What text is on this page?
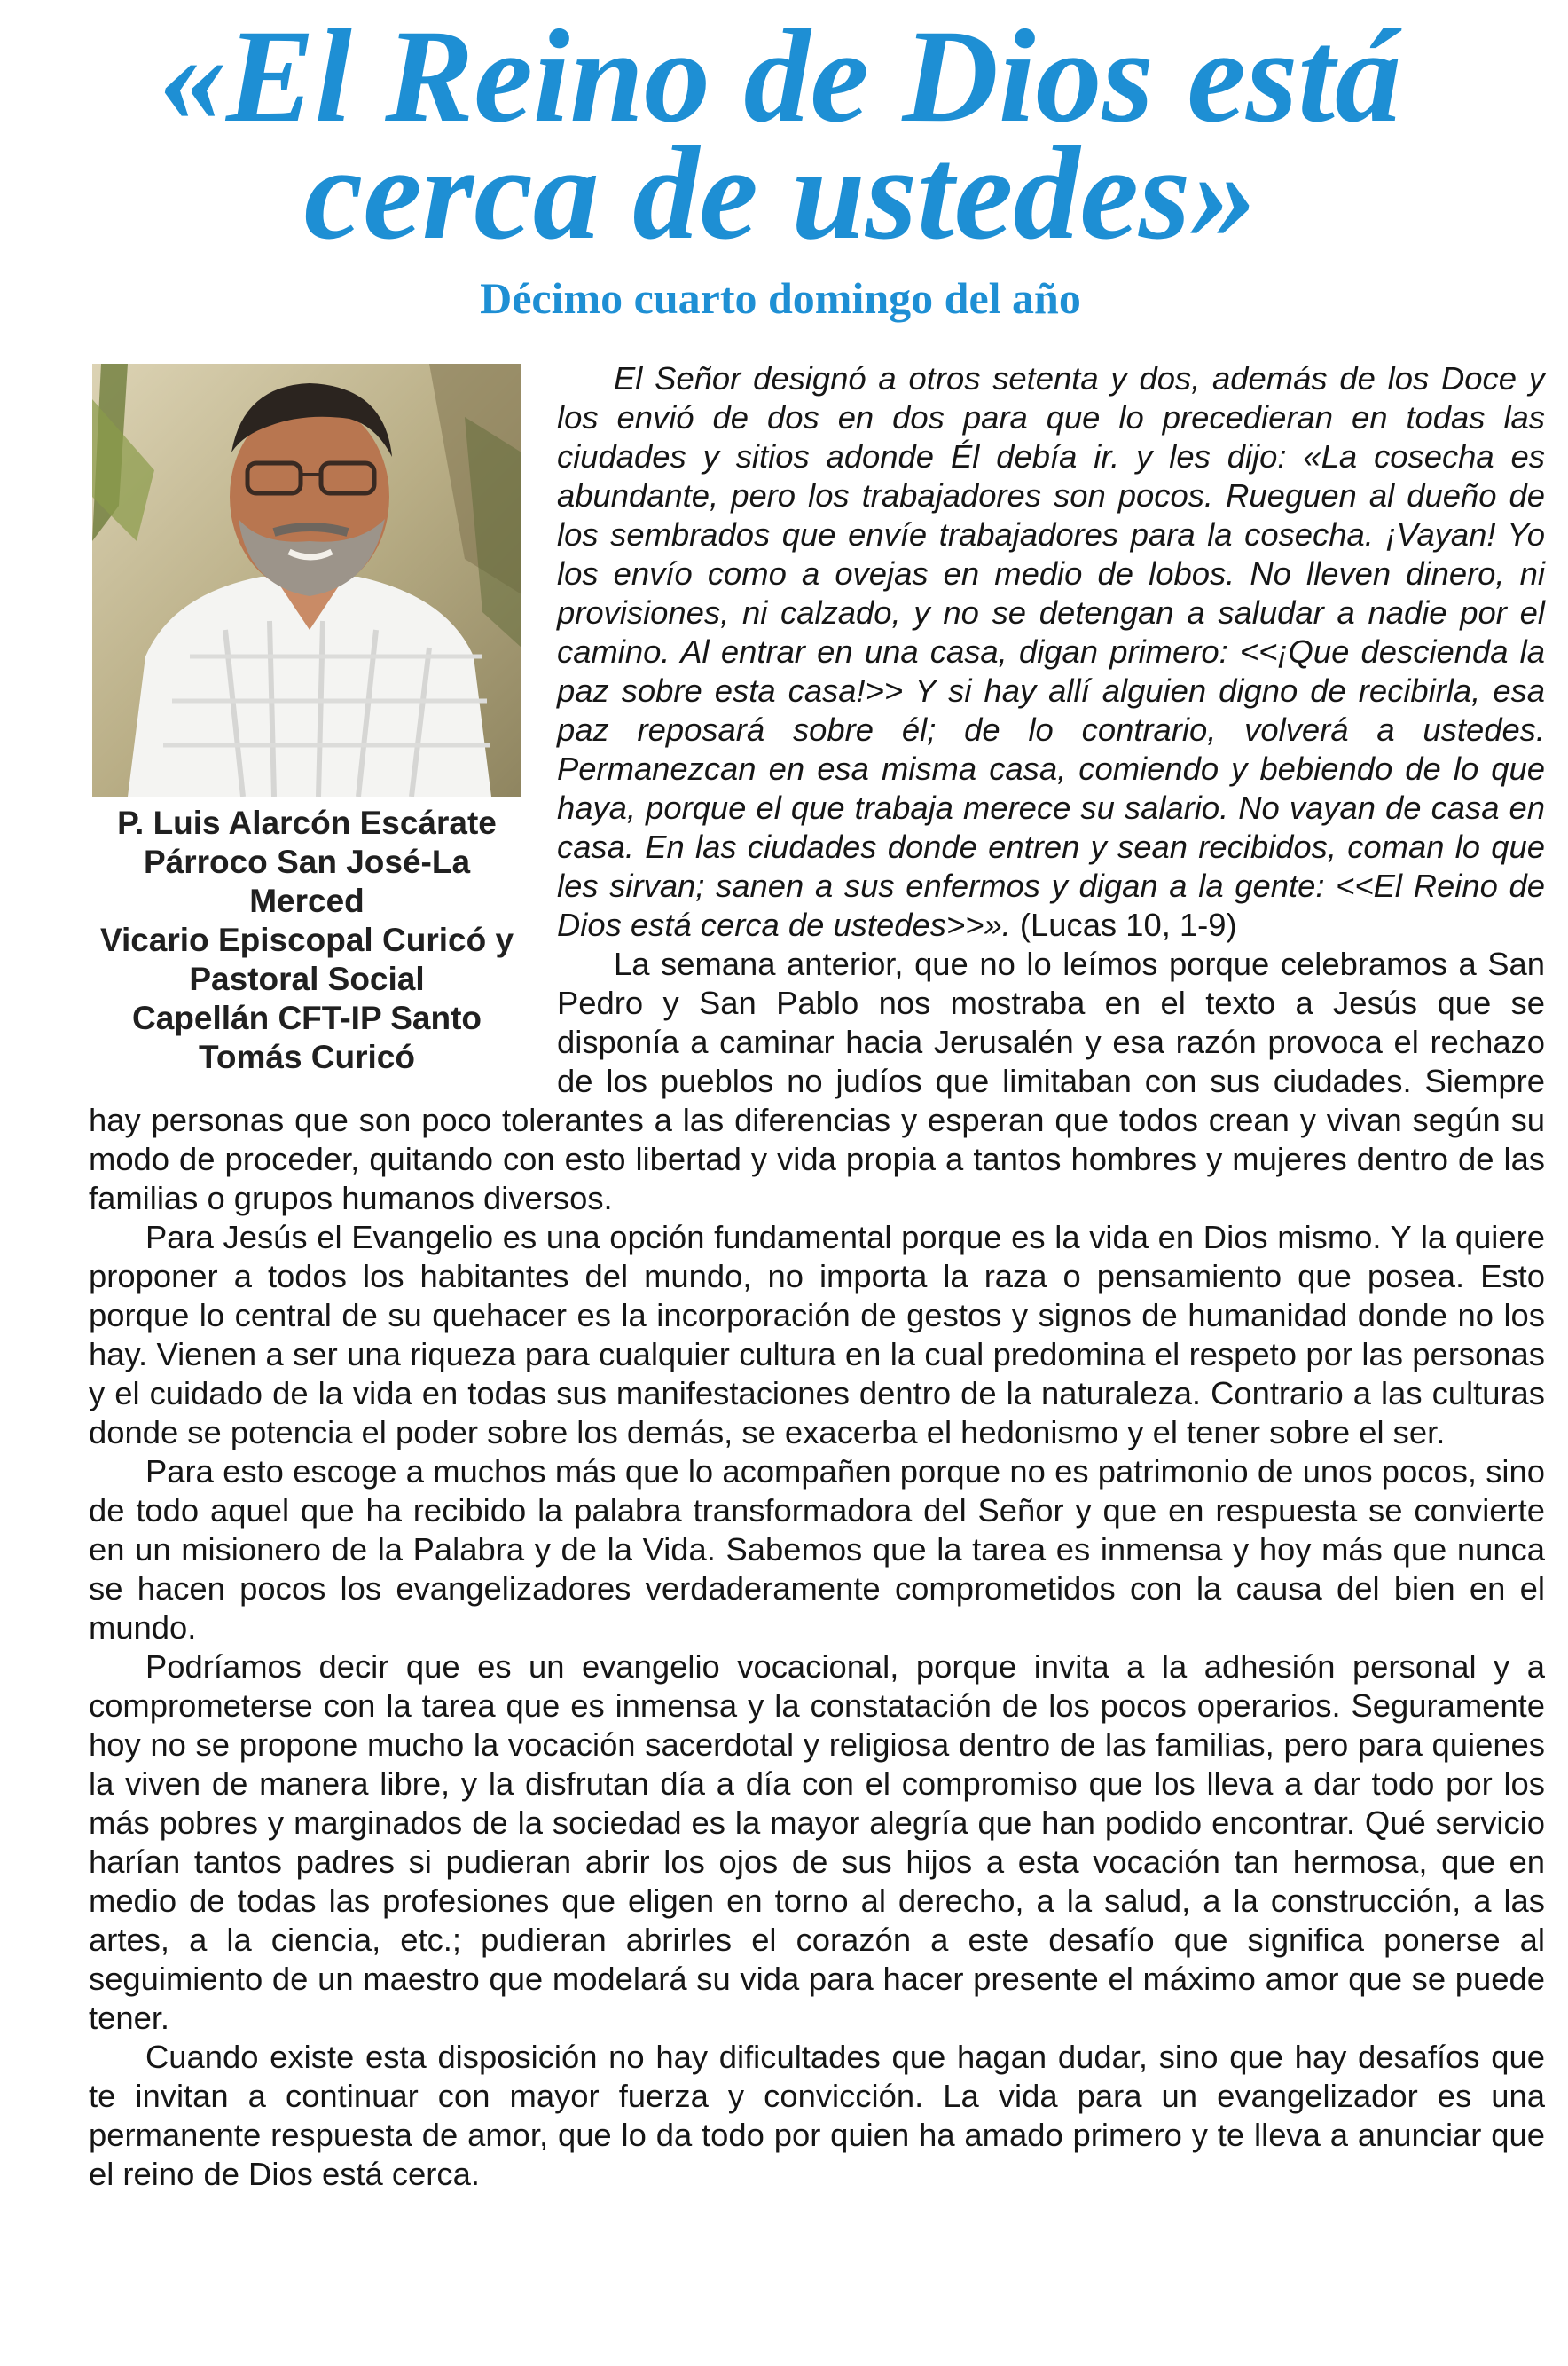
«El Reino de Dios está
cerca de ustedes»
Décimo cuarto domingo del año
P. Luis Alarcón Escárate
Párroco San José-La Merced
Vicario Episcopal Curicó y Pastoral Social
Capellán CFT-IP Santo Tomás Curicó

El Señor designó a otros setenta y dos, además de los Doce y los envió de dos en dos para que lo precedieran en todas las ciudades y sitios adonde Él debía ir. y les dijo: «La cosecha es abundante, pero los trabajadores son pocos. Rueguen al dueño de los sembrados que envíe trabajadores para la cosecha. ¡Vayan! Yo los envío como a ovejas en medio de lobos. No lleven dinero, ni provisiones, ni calzado, y no se detengan a saludar a nadie por el camino. Al entrar en una casa, digan primero: <<¡Que descienda la paz sobre esta casa!>> Y si hay allí alguien digno de recibirla, esa paz reposará sobre él; de lo contrario, volverá a ustedes. Permanezcan en esa misma casa, comiendo y bebiendo de lo que haya, porque el que trabaja merece su salario. No vayan de casa en casa. En las ciudades donde entren y sean recibidos, coman lo que les sirvan; sanen a sus enfermos y digan a la gente: <<El Reino de Dios está cerca de ustedes>>». (Lucas 10, 1-9)

La semana anterior, que no lo leímos porque celebramos a San Pedro y San Pablo nos mostraba en el texto a Jesús que se disponía a caminar hacia Jerusalén y esa razón provoca el rechazo de los pueblos no judíos que limitaban con sus ciudades. Siempre hay personas que son poco tolerantes a las diferencias y esperan que todos crean y vivan según su modo de proceder, quitando con esto libertad y vida propia a tantos hombres y mujeres dentro de las familias o grupos humanos diversos.

Para Jesús el Evangelio es una opción fundamental porque es la vida en Dios mismo. Y la quiere proponer a todos los habitantes del mundo, no importa la raza o pensamiento que posea. Esto porque lo central de su quehacer es la incorporación de gestos y signos de humanidad donde no los hay. Vienen a ser una riqueza para cualquier cultura en la cual predomina el respeto por las personas y el cuidado de la vida en todas sus manifestaciones dentro de la naturaleza. Contrario a las culturas donde se potencia el poder sobre los demás, se exacerba el hedonismo y el tener sobre el ser.

Para esto escoge a muchos más que lo acompañen porque no es patrimonio de unos pocos, sino de todo aquel que ha recibido la palabra transformadora del Señor y que en respuesta se convierte en un misionero de la Palabra y de la Vida. Sabemos que la tarea es inmensa y hoy más que nunca se hacen pocos los evangelizadores verdaderamente comprometidos con la causa del bien en el mundo.

Podríamos decir que es un evangelio vocacional, porque invita a la adhesión personal y a comprometerse con la tarea que es inmensa y la constatación de los pocos operarios. Seguramente hoy no se propone mucho la vocación sacerdotal y religiosa dentro de las familias, pero para quienes la viven de manera libre, y la disfrutan día a día con el compromiso que los lleva a dar todo por los más pobres y marginados de la sociedad es la mayor alegría que han podido encontrar. Qué servicio harían tantos padres si pudieran abrir los ojos de sus hijos a esta vocación tan hermosa, que en medio de todas las profesiones que eligen en torno al derecho, a la salud, a la construcción, a las artes, a la ciencia, etc.; pudieran abrirles el corazón a este desafío que significa ponerse al seguimiento de un maestro que modelará su vida para hacer presente el máximo amor que se puede tener.

Cuando existe esta disposición no hay dificultades que hagan dudar, sino que hay desafíos que te invitan a continuar con mayor fuerza y convicción. La vida para un evangelizador es una permanente respuesta de amor, que lo da todo por quien ha amado primero y te lleva a anunciar que el reino de Dios está cerca.
